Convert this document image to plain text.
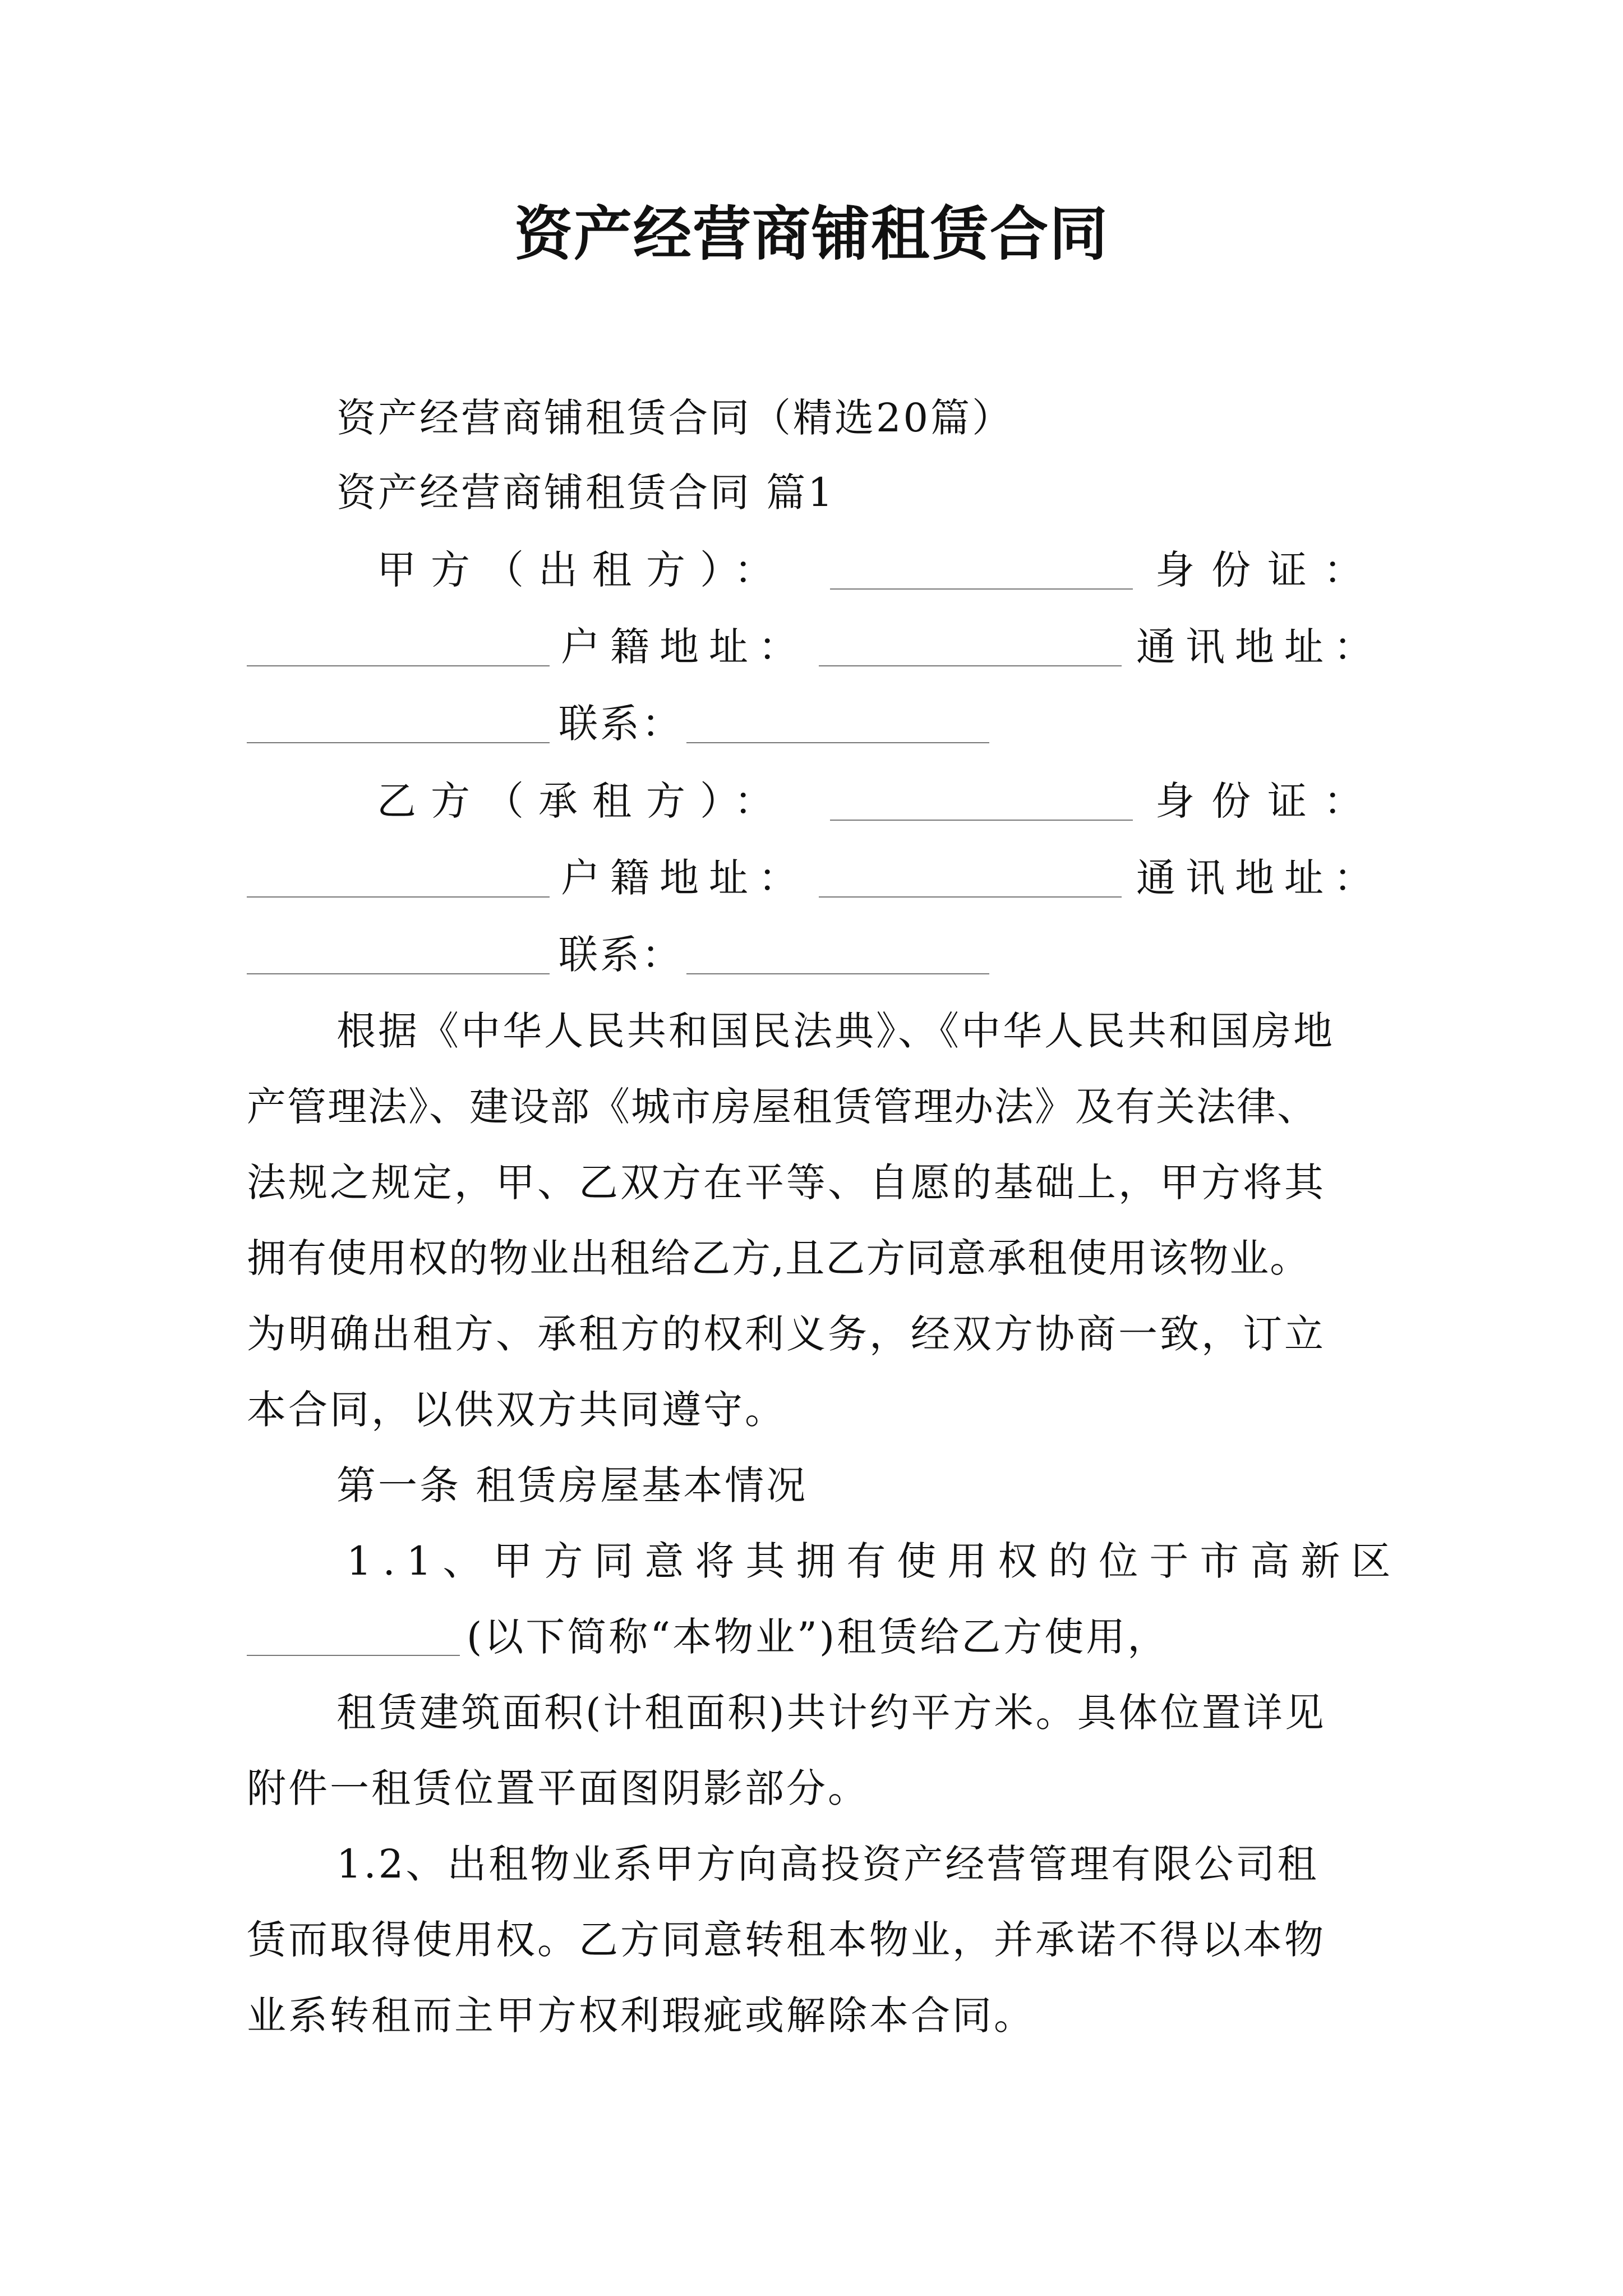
资产经营商铺租赁合同
资产经营商铺租赁合同（精选20篇）
资产经营商铺租赁合同 篇1
甲方（出租方）：	身份证：
户籍地址：	通讯地址：
联系：
乙方（承租方）：	身份证：
户籍地址：	通讯地址：
联系：
根据《中华人民共和国民法典》、《中华人民共和国房地
产管理法》、建设部《城市房屋租赁管理办法》及有关法律、
法规之规定，甲、乙双方在平等、自愿的基础上，甲方将其
拥有使用权的物业出租给乙方,且乙方同意承租使用该物业。
为明确出租方、承租方的权利义务，经双方协商一致，订立
本合同，以供双方共同遵守。
第一条 租赁房屋基本情况
1.1、甲方同意将其拥有使用权的位于市高新区
(以下简称“本物业”)租赁给乙方使用，
租赁建筑面积(计租面积)共计约平方米。具体位置详见
附件一租赁位置平面图阴影部分。
1.2、出租物业系甲方向高投资产经营管理有限公司租
赁而取得使用权。乙方同意转租本物业，并承诺不得以本物
业系转租而主甲方权利瑕疵或解除本合同。
